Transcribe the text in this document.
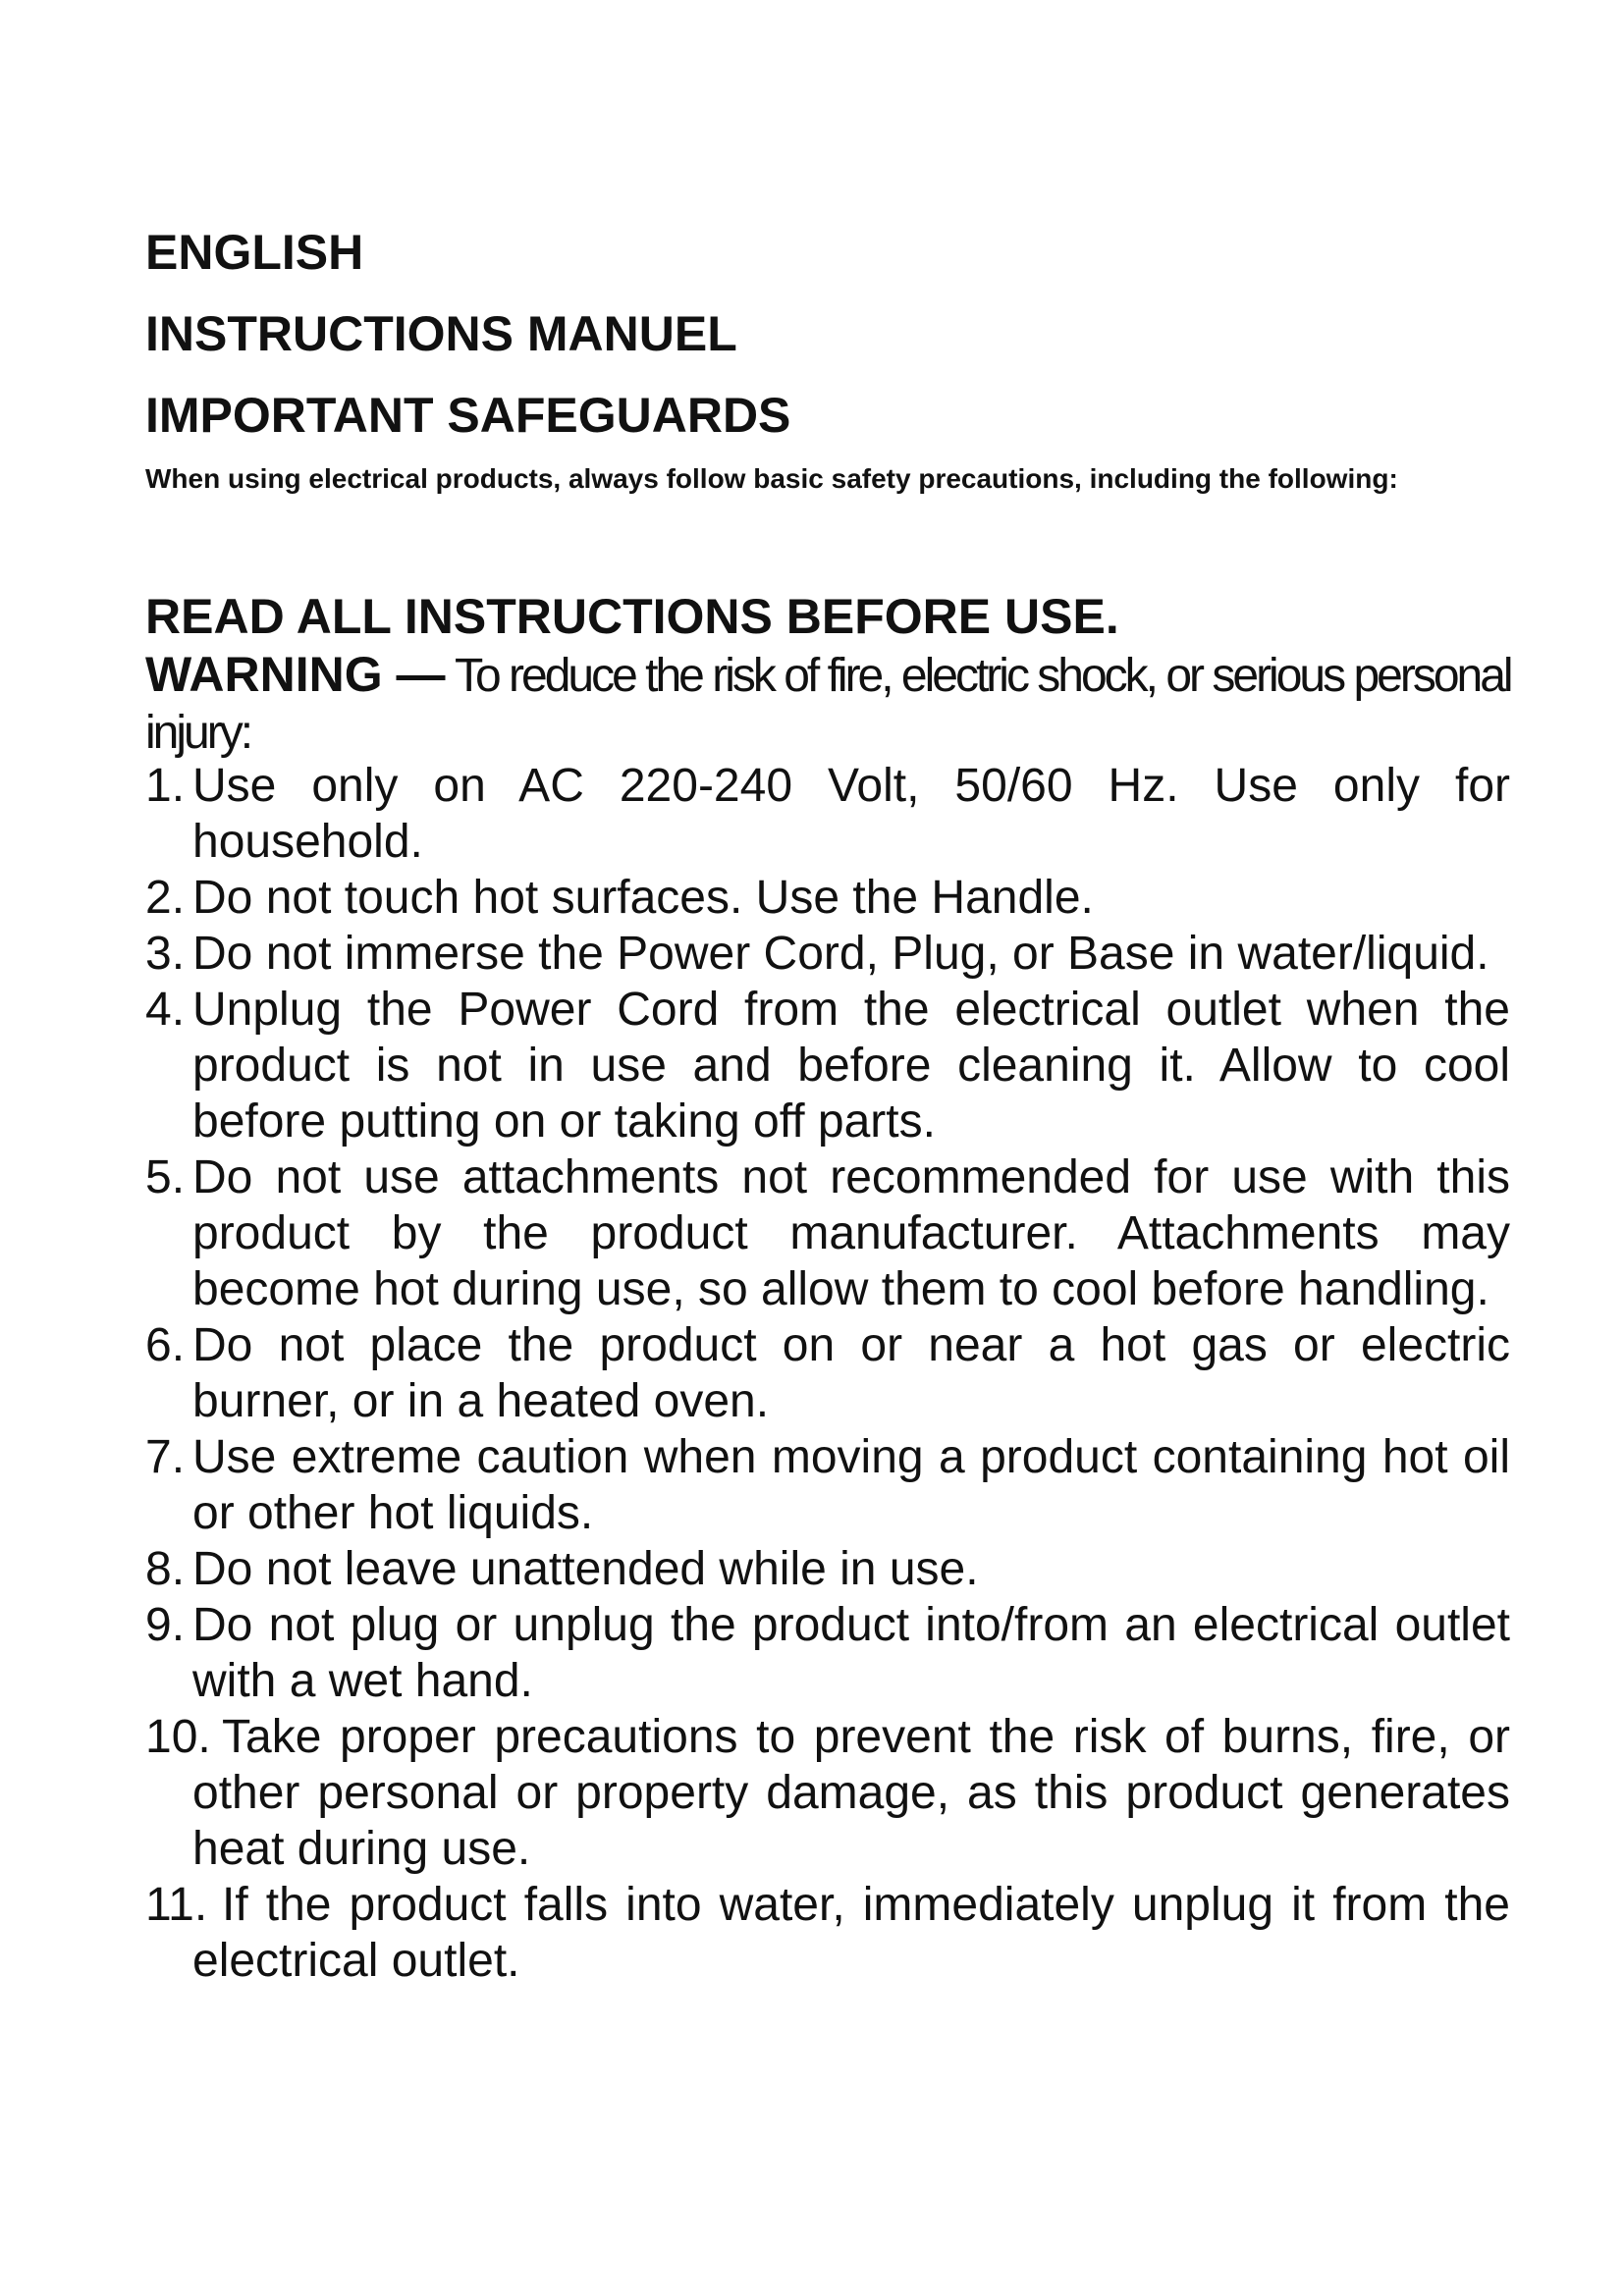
ENGLISH
INSTRUCTIONS MANUEL
IMPORTANT SAFEGUARDS

When using electrical products, always follow basic safety precautions, including the following:

READ ALL INSTRUCTIONS BEFORE USE.

WARNING — To reduce the risk of fire, electric shock, or serious personal injury:

1. Use only on AC 220-240 Volt, 50/60 Hz. Use only for household.
2. Do not touch hot surfaces. Use the Handle.
3. Do not immerse the Power Cord, Plug, or Base in water/liquid.
4. Unplug the Power Cord from the electrical outlet when the product is not in use and before cleaning it. Allow to cool before putting on or taking off parts.
5. Do not use attachments not recommended for use with this product by the product manufacturer. Attachments may become hot during use, so allow them to cool before handling.
6. Do not place the product on or near a hot gas or electric burner, or in a heated oven.
7. Use extreme caution when moving a product containing hot oil or other hot liquids.
8. Do not leave unattended while in use.
9. Do not plug or unplug the product into/from an electrical outlet with a wet hand.
10. Take proper precautions to prevent the risk of burns, fire, or other personal or property damage, as this product generates heat during use.
11. If the product falls into water, immediately unplug it from the electrical outlet.
